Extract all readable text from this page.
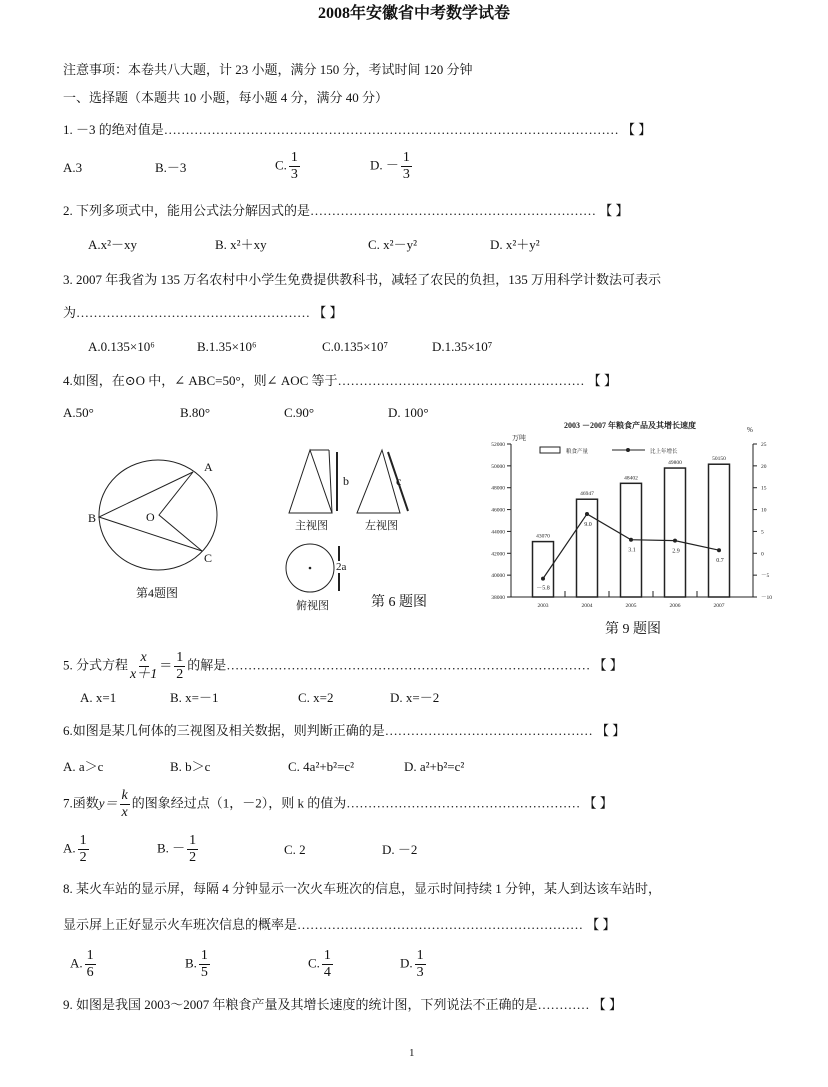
2008年安徽省中考数学试卷
注意事项：本卷共八大题，计 23 小题，满分 150 分，考试时间 120 分钟
一、选择题（本题共 10 小题，每小题 4 分，满分 40 分）
1. －3 的绝对值是…………………………………………………………………………………………… 【 】
A.3	B.－3	C. $\frac{1}{3}$	D. － $\frac{1}{3}$
2. 下列多项式中，能用公式法分解因式的是………………………………………………………… 【 】
A.x²－xy	B. x²＋xy	C. x²－y²	D. x²＋y²
3. 2007 年我省为 135 万名农村中小学生免费提供教科书，减轻了农民的负担，135 万用科学计数法可表示
为……………………………………………… 【 】
A.0.135×10⁶	B.1.35×10⁶	C.0.135×10⁷	D.1.35×10⁷
4.如图，在⊙O 中，∠ ABC=50°，则∠ AOC 等于………………………………………………… 【 】
A.50°	B.80°	C.90°	D. 100°
2003 －2007 年粮食产品及其增长速度
万吨
%
38000
40000
42000
44000
46000
48000
50000
52000
－10
－5
0
5
10
15
20
25
43070
2003
46947
2004
48402
2005
49800
2006
50150
2007
－5.8
9.0
3.1	2.9
0.7
粮食产量	比上年增长
A
B	O
C
第4题图
b	c
2a
主视图	左视图
俯视图	第 6 题图
第 9 题图
5. 分式方程 $\frac{x}{x+1} = \frac{1}{2}$ 的解是………………………………………………………………………… 【 】
A. x=1	B. x=－1	C. x=2	D. x=－2
6.如图是某几何体的三视图及相关数据，则判断正确的是………………………………………… 【 】
A. a＞c	B. b＞c	C. 4a²+b²=c²	D. a²+b²=c²
7.函数$y= \frac{k}{x}$ 的图象经过点（1，－2），则 k 的值为……………………………………………… 【 】
A. $\frac{1}{2}$	B. － $\frac{1}{2}$	C. 2	D. －2
8. 某火车站的显示屏，每隔 4 分钟显示一次火车班次的信息，显示时间持续 1 分钟，某人到达该车站时，
显示屏上正好显示火车班次信息的概率是………………………………………………………… 【 】
A. $\frac{1}{6}$	B. $\frac{1}{5}$	C. $\frac{1}{4}$	D. $\frac{1}{3}$
9. 如图是我国 2003～2007 年粮食产量及其增长速度的统计图，下列说法不正确的是………… 【 】
1
